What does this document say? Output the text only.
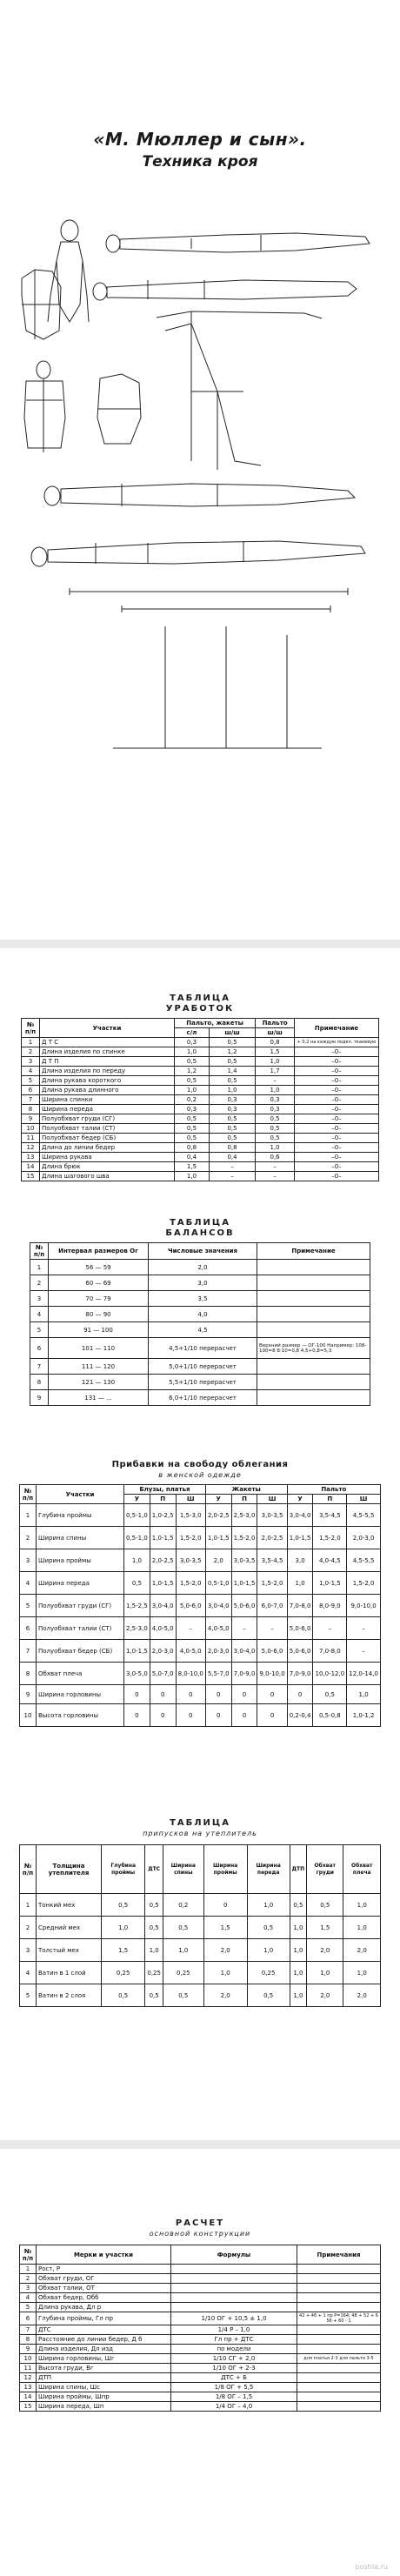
«М. Мюллер и сын».
Техника кроя
ТАБЛИЦА
УРАБОТОК
№ п/п	Участки	Пальто, жакеты		Пальто	Примечание
		с/л	ш/ш	ш/ш	
1	Д Т С	0,3	0,5	0,8	+ 0,2 на каждую подкл. тканевую
2	Длина изделия по спинке	1,0	1,2	1,5	–0–
3	Д Т П	0,5	0,5	1,0	–0–
4	Длина изделия по переду	1,2	1,4	1,7	–0–
5	Длина рукава короткого	0,5	0,5	–	–0–
6	Длина рукава длинного	1,0	1,0	1,0	–0–
7	Ширина спинки	0,2	0,3	0,3	–0–
8	Ширина переда	0,3	0,3	0,3	–0–
9	Полуобхват груди (СГ)	0,5	0,5	0,5	–0–
10	Полуобхват талии (СТ)	0,5	0,5	0,5	–0–
11	Полуобхват бедер (СБ)	0,5	0,5	0,5	–0–
12	Длина до линии бедер	0,8	0,8	1,0	–0–
13	Ширина рукава	0,4	0,4	0,6	–0–
14	Длина брюк	1,5	–	–	–0–
15	Длина шагового шва	1,0	–	–	–0–
ТАБЛИЦА
БАЛАНСОВ
№ п/п	Интервал размеров Ог	Числовые значения	Примечание
1	56 — 59	2,0	
2	60 — 69	3,0	
3	70 — 79	3,5	
4	80 — 90	4,0	
5	91 — 100	4,5	
6	101 — 110	4,5+1/10 перерасчет	Верхний размер — ОГ-100 Например: 108-100=8 8:10=0,8 4,5+0,8=5,3
7	111 — 120	5,0+1/10 перерасчет	
8	121 — 130	5,5+1/10 перерасчет	
9	131 — ...	6,0+1/10 перерасчет	
Прибавки на свободу облегания
в женской одежде
№ п/п	Участки	Блузы, платья			Жакеты			Пальто		
		У	П	Ш	У	П	Ш	У	П	Ш
1	Глубина проймы	0,5-1,0	1,0-2,5	1,5-3,0	2,0-2,5	2,5-3,0	3,0-3,5	3,0-4,0	3,5-4,5	4,5-5,5
2	Ширина спины	0,5-1,0	1,0-1,5	1,5-2,0	1,0-1,5	1,5-2,0	2,0-2,5	1,0-1,5	1,5-2,0	2,0-3,0
3	Ширина проймы	1,0	2,0-2,5	3,0-3,5	2,0	3,0-3,5	3,5-4,5	3,0	4,0-4,5	4,5-5,5
4	Ширина переда	0,5	1,0-1,5	1,5-2,0	0,5-1,0	1,0-1,5	1,5-2,0	1,0	1,0-1,5	1,5-2,0
5	Полуобхват груди (СГ)	1,5-2,5	3,0-4,0	5,0-6,0	3,0-4,0	5,0-6,0	6,0-7,0	7,0-8,0	8,0-9,0	9,0-10,0
6	Полуобхват талии (СТ)	2,5-3,0	4,0-5,0	–	4,0-5,0	–	–	5,0-6,0	–	–
7	Полуобхват бедер (СБ)	1,0-1,5	2,0-3,0	4,0-5,0	2,0-3,0	3,0-4,0	5,0-6,0	5,0-6,0	7,0-8,0	–
8	Обхват плеча	3,0-5,0	5,0-7,0	8,0-10,0	5,5-7,0	7,0-9,0	9,0-10,0	7,0-9,0	10,0-12,0	12,0-14,0
9	Ширина горловины	0	0	0	0	0	0	0	0,5	1,0
10	Высота горловины	0	0	0	0	0	0	0,2-0,4	0,5-0,8	1,0-1,2
ТАБЛИЦА
припусков на утеплитель
№ п/п	Толщина утеплителя	Глубина проймы	ДТС	Ширина спины	Ширина проймы	Ширина переда	ДТП	Обхват груди	Обхват плеча
1	Тонкий мех	0,5	0,5	0,2	0	1,0	0,5	0,5	1,0
2	Средний мех	1,0	0,5	0,5	1,5	0,5	1,0	1,5	1,0
3	Толстый мех	1,5	1,0	1,0	2,0	1,0	1,0	2,0	2,0
4	Ватин в 1 слой	0,25	0,25	0,25	1,0	0,25	1,0	1,0	1,0
5	Ватин в 2 слоя	0,5	0,5	0,5	2,0	0,5	1,0	2,0	2,0
РАСЧЕТ
основной конструкции
№ п/п	Мерки и участки	Формулы	Примечания
1	Рост, Р		
2	Обхват груди, ОГ		
3	Обхват талии, ОТ		
4	Обхват бедер, Обб		
5	Длина рукава, Дл р		
6	Глубина проймы, Гл пр	1/10 ОГ + 10,5 ± 1,0	42 + 46 + 1 пр P=164; 48 + 52 + 6 56 + 60 - 1
7	ДТС	1/4 Р – 1,0	
8	Расстояние до линии бедер, Д б	Гл пр + ДТС	
9	Длина изделия, Дл изд	по модели	
10	Ширина горловины, Шг	1/10 СГ + 2,0	для платья 2-3 для пальто 3-5
11	Высота груди, Вг	1/10 ОГ + 2-3	
12	ДТП	ДТС + Б	
13	Ширина спины, Шс	1/8 ОГ + 5,5	
14	Ширина проймы, Шпр	1/8 ОГ – 1,5	
15	Ширина переда, Шп	1/4 ОГ – 4,0	
postila.ru
